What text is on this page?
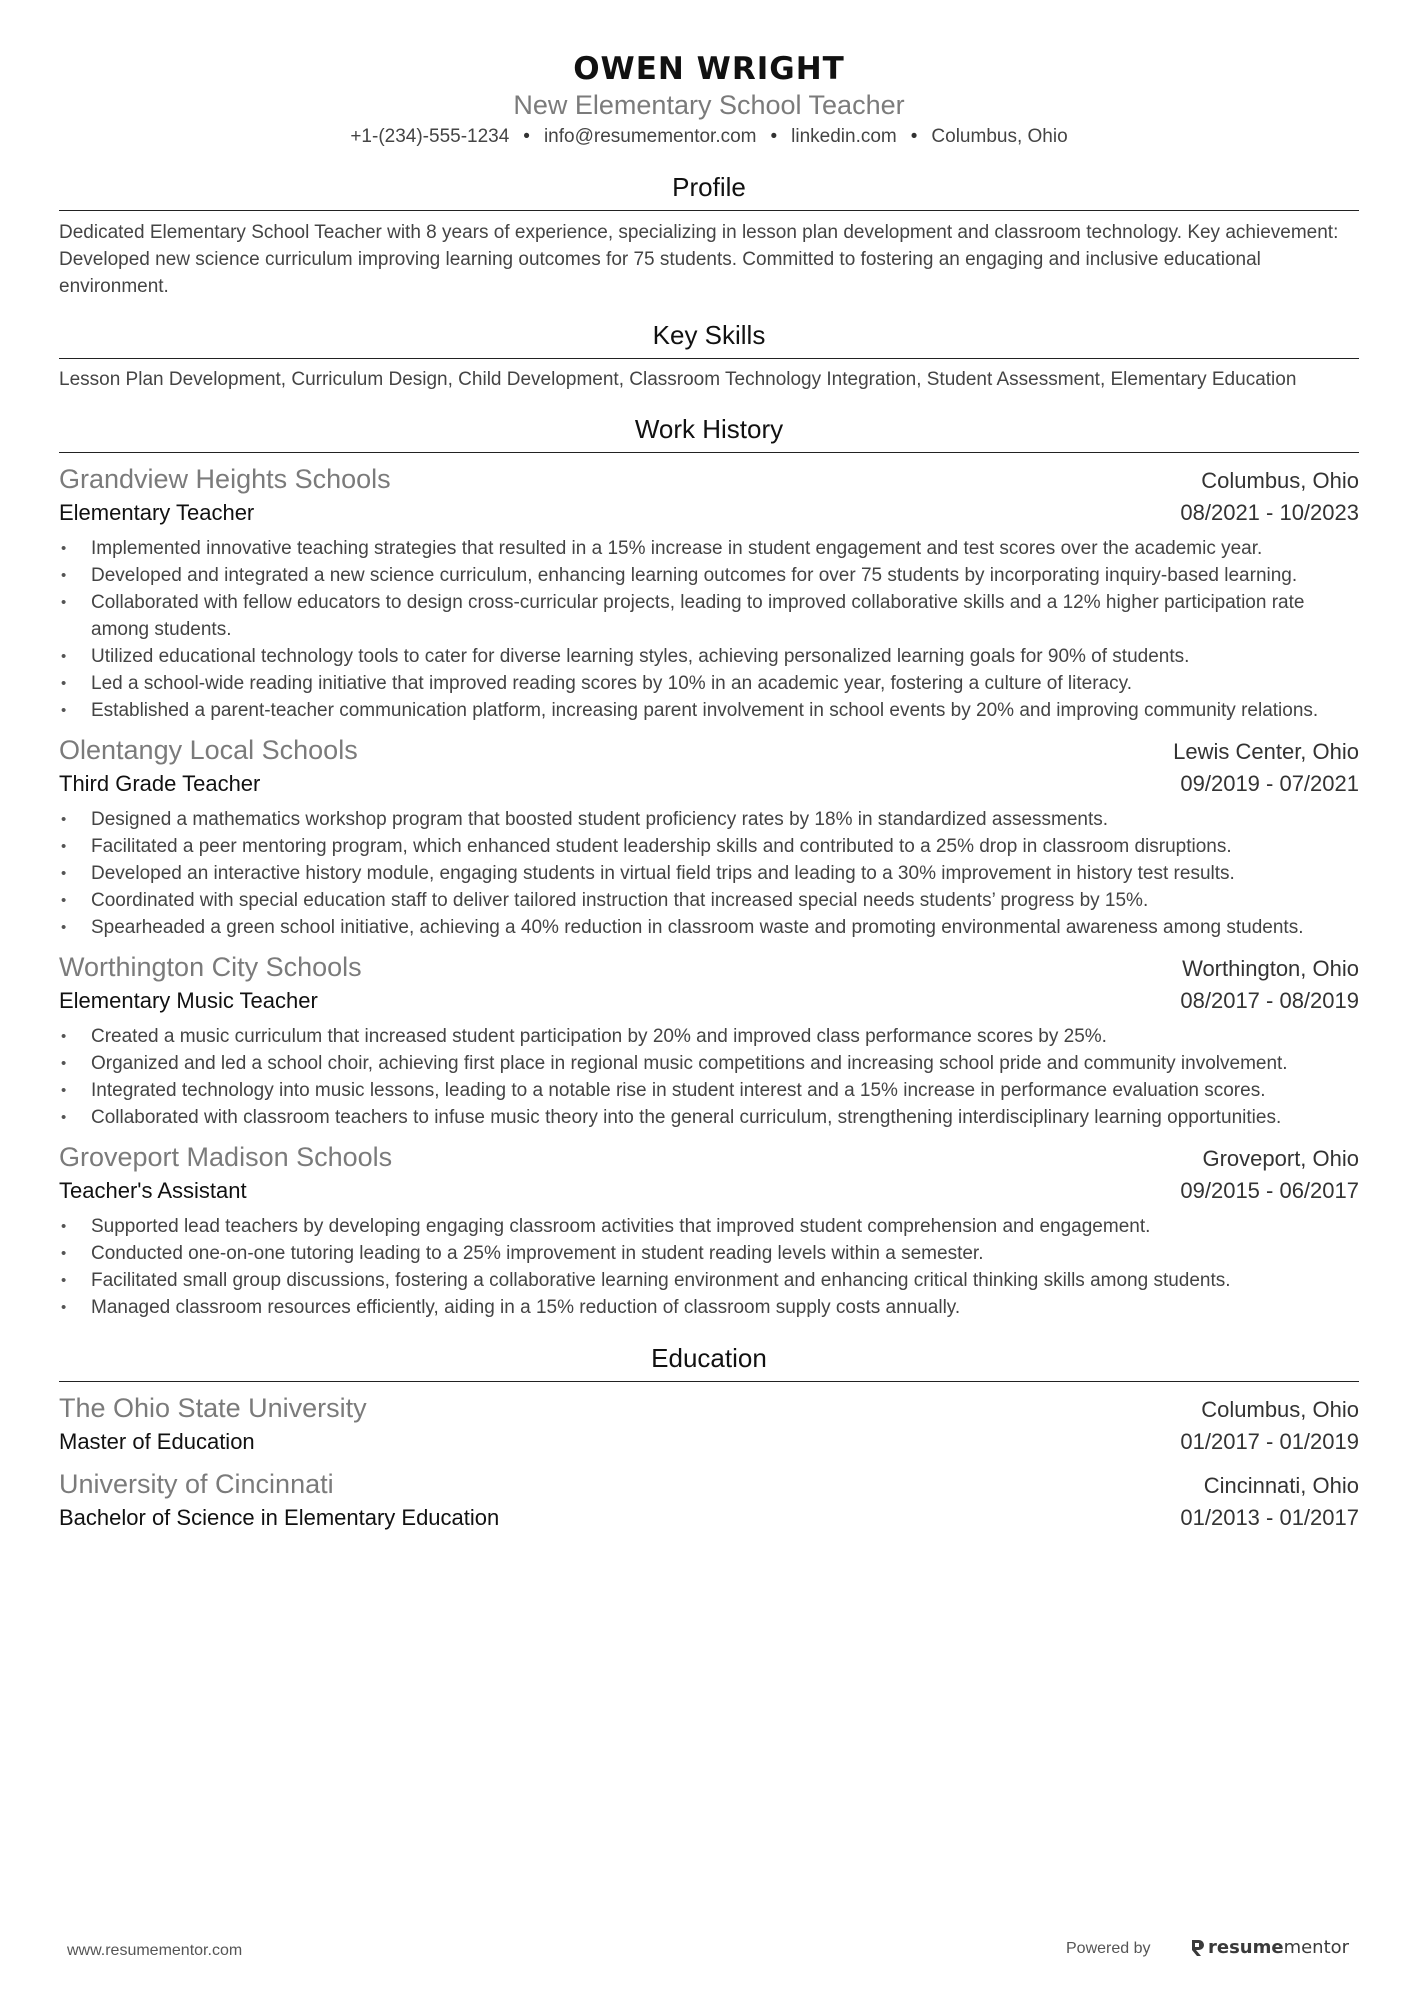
OWEN WRIGHT
New Elementary School Teacher
+1-(234)-555-1234 • info@resumementor.com • linkedin.com • Columbus, Ohio
Profile
Dedicated Elementary School Teacher with 8 years of experience, specializing in lesson plan development and classroom technology. Key achievement: Developed new science curriculum improving learning outcomes for 75 students. Committed to fostering an engaging and inclusive educational environment.
Key Skills
Lesson Plan Development, Curriculum Design, Child Development, Classroom Technology Integration, Student Assessment, Elementary Education
Work History
Grandview Heights Schools	Columbus, Ohio
Elementary Teacher	08/2021 - 10/2023
• Implemented innovative teaching strategies that resulted in a 15% increase in student engagement and test scores over the academic year.
• Developed and integrated a new science curriculum, enhancing learning outcomes for over 75 students by incorporating inquiry-based learning.
• Collaborated with fellow educators to design cross-curricular projects, leading to improved collaborative skills and a 12% higher participation rate among students.
• Utilized educational technology tools to cater for diverse learning styles, achieving personalized learning goals for 90% of students.
• Led a school-wide reading initiative that improved reading scores by 10% in an academic year, fostering a culture of literacy.
• Established a parent-teacher communication platform, increasing parent involvement in school events by 20% and improving community relations.
Olentangy Local Schools	Lewis Center, Ohio
Third Grade Teacher	09/2019 - 07/2021
• Designed a mathematics workshop program that boosted student proficiency rates by 18% in standardized assessments.
• Facilitated a peer mentoring program, which enhanced student leadership skills and contributed to a 25% drop in classroom disruptions.
• Developed an interactive history module, engaging students in virtual field trips and leading to a 30% improvement in history test results.
• Coordinated with special education staff to deliver tailored instruction that increased special needs students’ progress by 15%.
• Spearheaded a green school initiative, achieving a 40% reduction in classroom waste and promoting environmental awareness among students.
Worthington City Schools	Worthington, Ohio
Elementary Music Teacher	08/2017 - 08/2019
• Created a music curriculum that increased student participation by 20% and improved class performance scores by 25%.
• Organized and led a school choir, achieving first place in regional music competitions and increasing school pride and community involvement.
• Integrated technology into music lessons, leading to a notable rise in student interest and a 15% increase in performance evaluation scores.
• Collaborated with classroom teachers to infuse music theory into the general curriculum, strengthening interdisciplinary learning opportunities.
Groveport Madison Schools	Groveport, Ohio
Teacher's Assistant	09/2015 - 06/2017
• Supported lead teachers by developing engaging classroom activities that improved student comprehension and engagement.
• Conducted one-on-one tutoring leading to a 25% improvement in student reading levels within a semester.
• Facilitated small group discussions, fostering a collaborative learning environment and enhancing critical thinking skills among students.
• Managed classroom resources efficiently, aiding in a 15% reduction of classroom supply costs annually.
Education
The Ohio State University	Columbus, Ohio
Master of Education	01/2017 - 01/2019
University of Cincinnati	Cincinnati, Ohio
Bachelor of Science in Elementary Education	01/2013 - 01/2017
www.resumementor.com	Powered by	resume mentor
